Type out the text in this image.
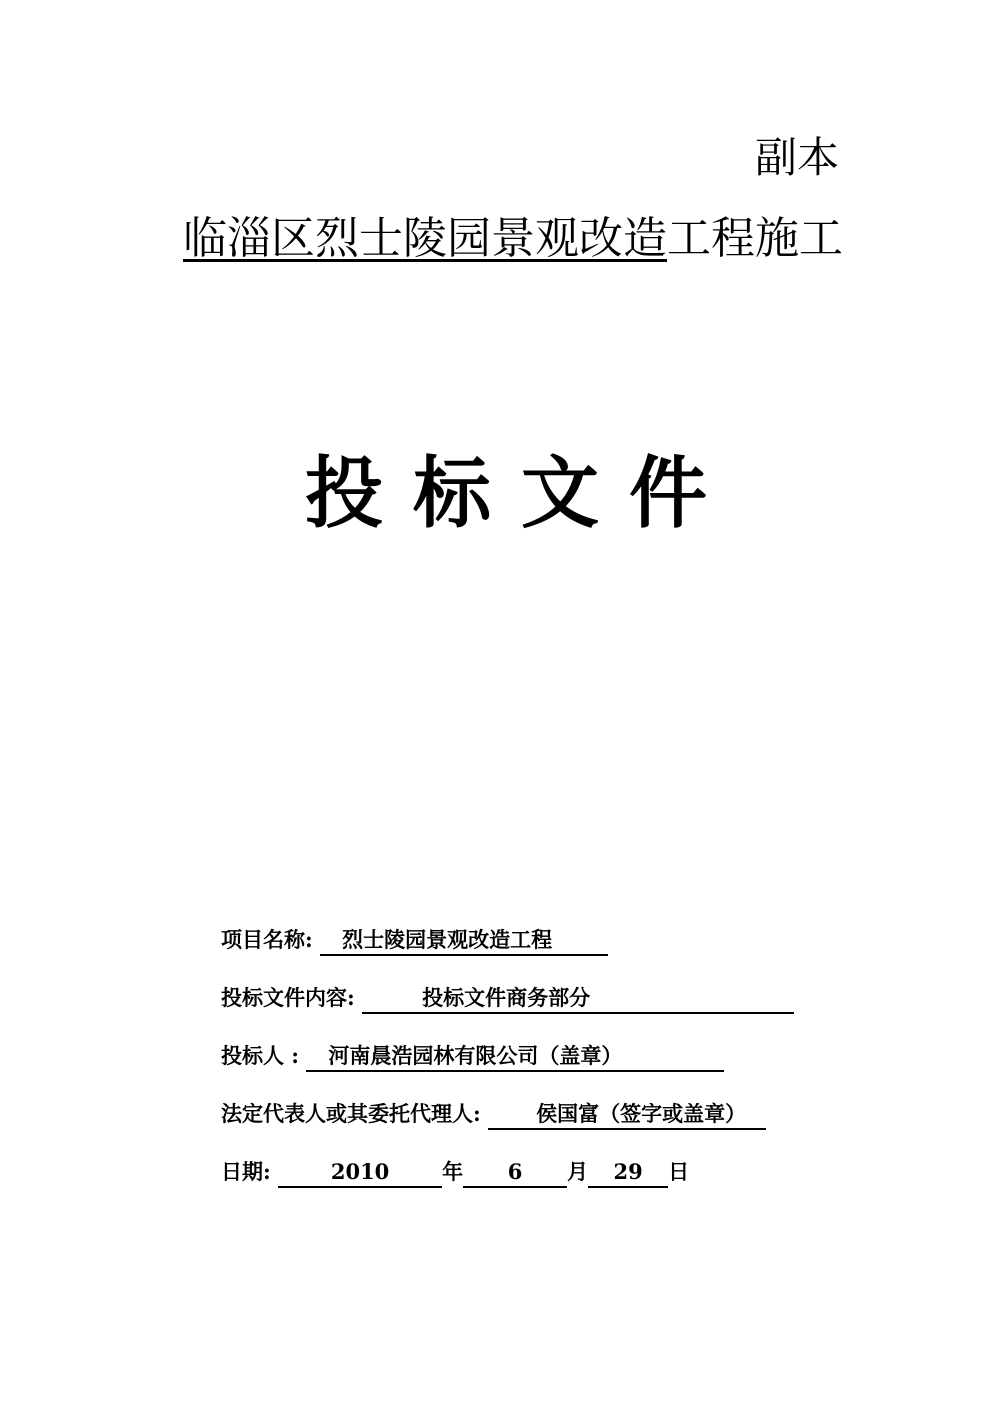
副本
临淄区烈士陵园景观改造工程施工
投标文件
项目名称: 烈士陵园景观改造工程
投标文件内容:	投标文件商务部分
投标人 : 河南晨浩园林有限公司（盖章）
法定代表人或其委托代理人:	侯国富（签字或盖章）
日期:	2010	年 6 月 29 日
